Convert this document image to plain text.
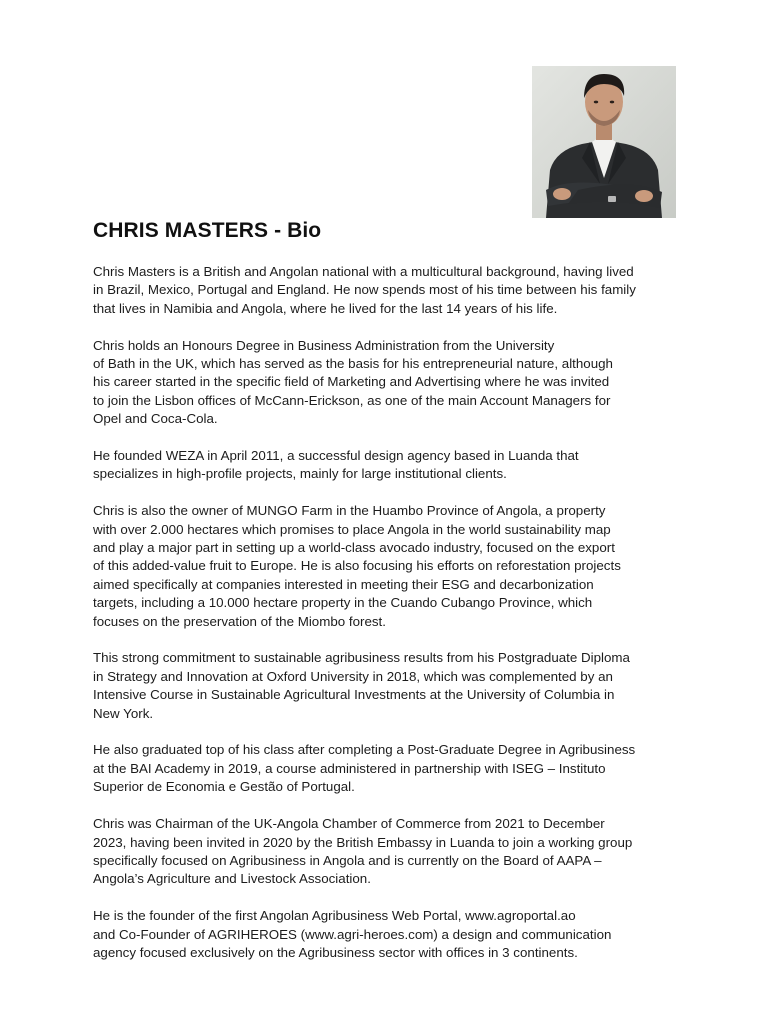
CHRIS MASTERS - Bio

Chris Masters is a British and Angolan national with a multicultural background, having lived
in Brazil, Mexico, Portugal and England. He now spends most of his time between his family
that lives in Namibia and Angola, where he lived for the last 14 years of his life.

Chris holds an Honours Degree in Business Administration from the University
of Bath in the UK, which has served as the basis for his entrepreneurial nature, although
his career started in the specific field of Marketing and Advertising where he was invited
to join the Lisbon offices of McCann-Erickson, as one of the main Account Managers for
Opel and Coca-Cola.

He founded WEZA in April 2011, a successful design agency based in Luanda that
specializes in high-profile projects, mainly for large institutional clients.

Chris is also the owner of MUNGO Farm in the Huambo Province of Angola, a property
with over 2.000 hectares which promises to place Angola in the world sustainability map
and play a major part in setting up a world-class avocado industry, focused on the export
of this added-value fruit to Europe. He is also focusing his efforts on reforestation projects
aimed specifically at companies interested in meeting their ESG and decarbonization
targets, including a 10.000 hectare property in the Cuando Cubango Province, which
focuses on the preservation of the Miombo forest.

This strong commitment to sustainable agribusiness results from his Postgraduate Diploma
in Strategy and Innovation at Oxford University in 2018, which was complemented by an
Intensive Course in Sustainable Agricultural Investments at the University of Columbia in
New York.

He also graduated top of his class after completing a Post-Graduate Degree in Agribusiness
at the BAI Academy in 2019, a course administered in partnership with ISEG – Instituto
Superior de Economia e Gestão of Portugal.

Chris was Chairman of the UK-Angola Chamber of Commerce from 2021 to December
2023, having been invited in 2020 by the British Embassy in Luanda to join a working group
specifically focused on Agribusiness in Angola and is currently on the Board of AAPA –
Angola’s Agriculture and Livestock Association.

He is the founder of the first Angolan Agribusiness Web Portal, www.agroportal.ao
and Co-Founder of AGRIHEROES (www.agri-heroes.com) a design and communication
agency focused exclusively on the Agribusiness sector with offices in 3 continents.
